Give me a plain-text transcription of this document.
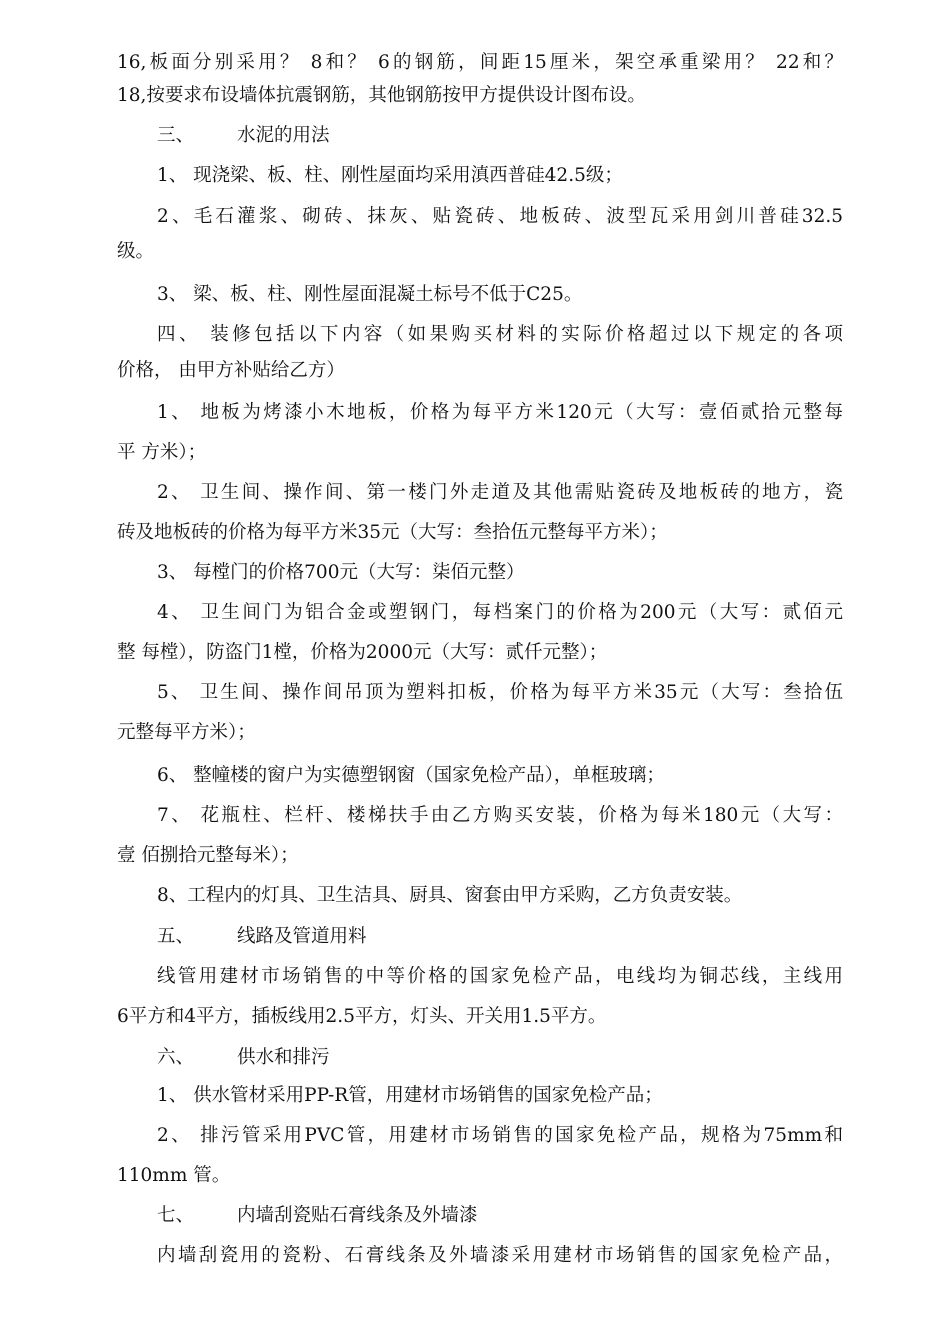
16,板面分别采用？ 8和？ 6的钢筋，间距15厘米，架空承重梁用？ 22和？

18,按要求布设墙体抗震钢筋，其他钢筋按甲方提供设计图布设。

三、 水泥的用法

1、 现浇梁、板、柱、刚性屋面均采用滇西普硅42.5级；

2、毛石灌浆、砌砖、抹灰、贴瓷砖、地板砖、波型瓦采用剑川普硅32.5

级。

3、 梁、板、柱、刚性屋面混凝土标号不低于C25。

四、 装修包括以下内容（如果购买材料的实际价格超过以下规定的各项

价格， 由甲方补贴给乙方）

1、 地板为烤漆小木地板，价格为每平方米120元（大写：壹佰贰拾元整每

平 方米）；

2、 卫生间、操作间、第一楼门外走道及其他需贴瓷砖及地板砖的地方，瓷

砖及地板砖的价格为每平方米35元（大写：叁拾伍元整每平方米）；

3、 每樘门的价格700元（大写：柒佰元整）

4、 卫生间门为铝合金或塑钢门，每档案门的价格为200元（大写：贰佰元

整 每樘），防盗门1樘，价格为2000元（大写：贰仟元整）；

5、 卫生间、操作间吊顶为塑料扣板，价格为每平方米35元（大写：叁拾伍

元整每平方米）；

6、 整幢楼的窗户为实德塑钢窗（国家免检产品），单框玻璃；

7、 花瓶柱、栏杆、楼梯扶手由乙方购买安装，价格为每米180元（大写：

壹 佰捌拾元整每米）；

8、工程内的灯具、卫生洁具、厨具、窗套由甲方采购，乙方负责安装。

五、 线路及管道用料

线管用建材市场销售的中等价格的国家免检产品，电线均为铜芯线，主线用

6平方和4平方，插板线用2.5平方，灯头、开关用1.5平方。

六、 供水和排污

1、 供水管材采用PP-R管，用建材市场销售的国家免检产品；

2、 排污管采用PVC管，用建材市场销售的国家免检产品，规格为75mm和

110mm 管。

七、 内墙刮瓷贴石膏线条及外墙漆

内墙刮瓷用的瓷粉、石膏线条及外墙漆采用建材市场销售的国家免检产品，
